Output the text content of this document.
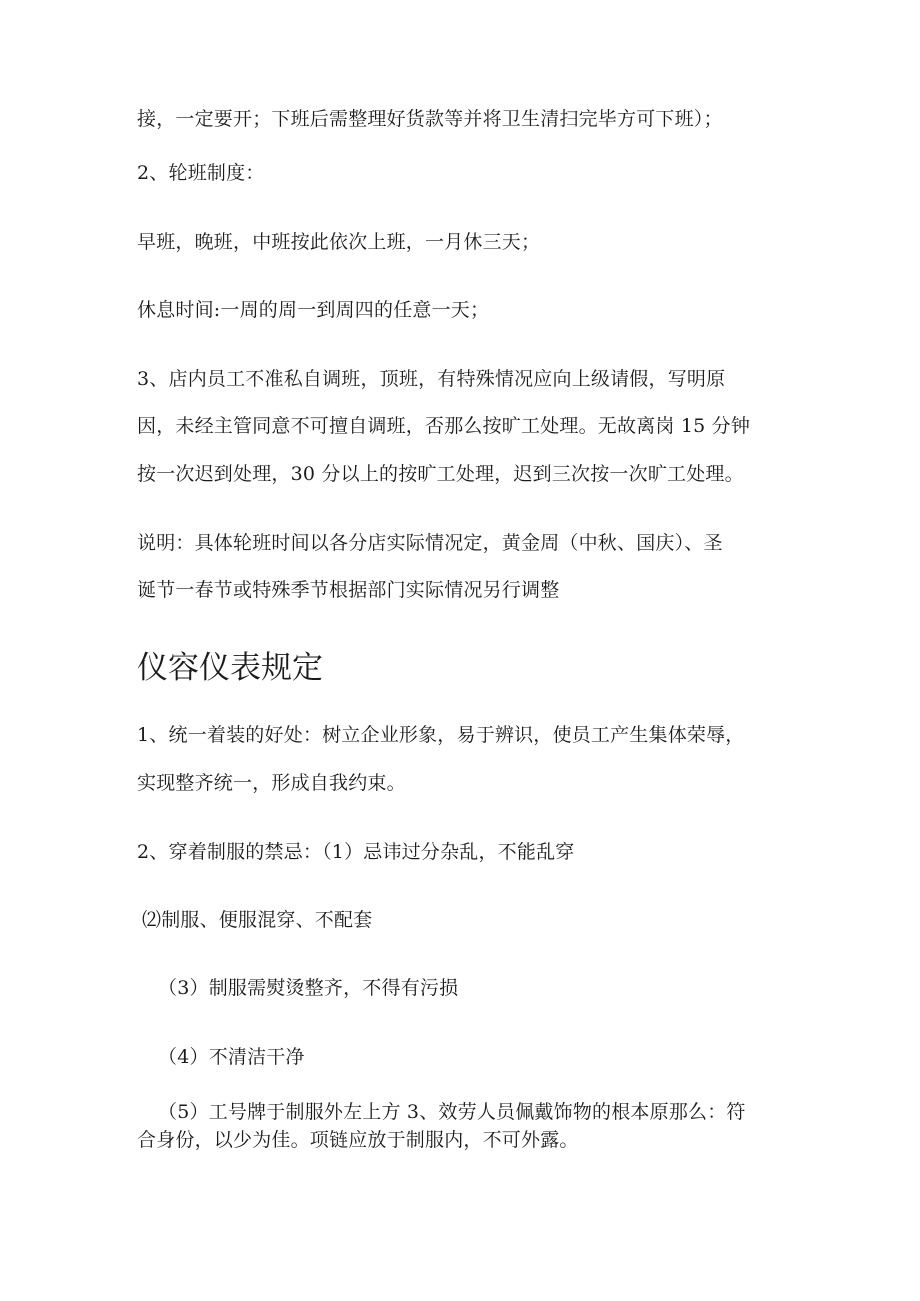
接，一定要开；下班后需整理好货款等并将卫生清扫完毕方可下班）；
2、轮班制度：
早班，晚班，中班按此依次上班，一月休三天；
休息时间:一周的周一到周四的任意一天；
3、店内员工不准私自调班，顶班，有特殊情况应向上级请假，写明原
因，未经主管同意不可擅自调班，否那么按旷工处理。无故离岗 15 分钟
按一次迟到处理，30 分以上的按旷工处理，迟到三次按一次旷工处理。
说明：具体轮班时间以各分店实际情况定，黄金周（中秋、国庆）、圣
诞节一春节或特殊季节根据部门实际情况另行调整
仪容仪表规定
1、统一着装的好处：树立企业形象，易于辨识，使员工产生集体荣辱，
实现整齐统一，形成自我约束。
2、穿着制服的禁忌：（1）忌讳过分杂乱，不能乱穿
⑵制服、便服混穿、不配套
（3）制服需熨烫整齐，不得有污损
（4）不清洁干净
（5）工号牌于制服外左上方 3、效劳人员佩戴饰物的根本原那么：符
合身份，以少为佳。项链应放于制服内，不可外露。
